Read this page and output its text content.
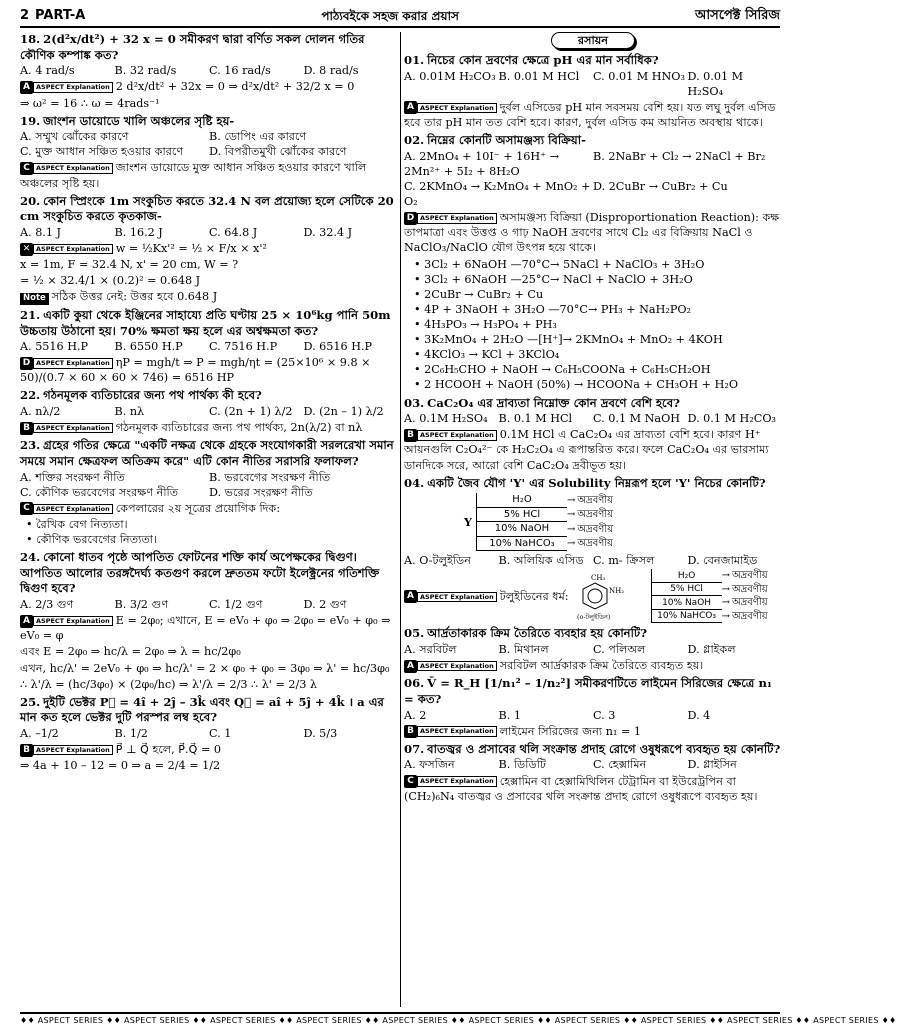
2 PART-A	পাঠ্যবইকে সহজ করার প্রয়াস	আসপেক্ট সিরিজ
18. 2(d²x/dt²) + 32 x = 0 সমীকরণ দ্বারা বর্ণিত সকল দোলন গতির কৌণিক কম্পাঙ্ক কত?
A. 4 rad/s	B. 32 rad/s	C. 16 rad/s	D. 8 rad/s
A ASPECT Explanation 2 d²x/dt² + 32x = 0 ⇒ d²x/dt² + 32/2 x = 0
⇒ ω² = 16 ∴ ω = 4rads⁻¹
19. জাংশন ডায়োডে খালি অঞ্চলের সৃষ্টি হয়-
A. সম্মুখ ঝোঁকের কারণে	B. ডোপিং এর কারণে
C. মুক্ত আধান সঞ্চিত হওয়ার কারণে	D. বিপরীতমুখী ঝোঁকের কারণে
C ASPECT Explanation জাংশন ডায়োডে মুক্ত আধান সঞ্চিত হওয়ার কারণে খালি অঞ্চলের সৃষ্টি হয়।
20. কোন স্প্রিংকে 1m সংকুচিত করতে 32.4 N বল প্রয়োজ্য হলে সেটিকে 20 cm সংকুচিত করতে কৃতকাজ-
A. 8.1 J	B. 16.2 J	C. 64.8 J	D. 32.4 J
✕ ASPECT Explanation w = ½Kx'² = ½ × F/x × x'²
x = 1m, F = 32.4 N, x' = 20 cm, W = ?
= ½ × 32.4/1 × (0.2)² = 0.648 J
Note সঠিক উত্তর নেই: উত্তর হবে 0.648 J
21. একটি কুয়া থেকে ইঞ্জিনের সাহায্যে প্রতি ঘণ্টায় 25 × 10⁶kg পানি 50m উচ্চতায় উঠানো হয়। 70% ক্ষমতা ক্ষয় হলে এর অশ্বক্ষমতা কত?
A. 5516 H.P	B. 6550 H.P	C. 7516 H.P	D. 6516 H.P
D ASPECT Explanation ηP = mgh/t ⇒ P = mgh/ηt = (25×10⁶ × 9.8 × 50)/(0.7 × 60 × 60 × 746) = 6516 HP
22. গঠনমূলক ব্যতিচারের জন্য পথ পার্থক্য কী হবে?
A. nλ/2	B. nλ	C. (2n + 1) λ/2 D. (2n – 1) λ/2
B ASPECT Explanation গঠনমূলক ব্যতিচারের জন্য পথ পার্থক্য, 2n(λ/2) বা nλ
23. গ্রহের গতির ক্ষেত্রে "একটি নক্ষত্র থেকে গ্রহকে সংযোগকারী সরলরেখা সমান সময়ে সমান ক্ষেত্রফল অতিক্রম করে" এটি কোন নীতির সরাসরি ফলাফল?
A. শক্তির সংরক্ষণ নীতি	B. ভরবেগের সংরক্ষণ নীতি
C. কৌণিক ভরবেগের সংরক্ষণ নীতি	D. ভরের সংরক্ষণ নীতি
C ASPECT Explanation কেপলারের ২য় সূত্রের প্রয়োগিক দিক:
• রৈখিক বেগ নিত্যতা।
• কৌণিক ভরবেগের নিত্যতা।
24. কোনো ধাতব পৃষ্ঠে আপতিত ফোটনের শক্তি কার্য অপেক্ষকের দ্বিগুণ। আপতিত আলোর তরঙ্গদৈর্ঘ্য কতগুণ করলে দ্রুততম ফটো ইলেক্ট্রনের গতিশক্তি দ্বিগুণ হবে?
A. 2/3 গুণ	B. 3/2 গুণ	C. 1/2 গুণ	D. 2 গুণ
A ASPECT Explanation E = 2φ₀; এখানে, E = eV₀ + φ₀ ⇒ 2φ₀ = eV₀ + φ₀ ⇒ eV₀ = φ
এবং E = 2φ₀ ⇒ hc/λ = 2φ₀ ⇒ λ = hc/2φ₀
এখন, hc/λ' = 2eV₀ + φ₀ ⇒ hc/λ' = 2 × φ₀ + φ₀ = 3φ₀ ⇒ λ' = hc/3φ₀
∴ λ'/λ = (hc/3φ₀) × (2φ₀/hc) ⇒ λ'/λ = 2/3 ∴ λ' = 2/3 λ
25. দুইটি ভেক্টর P⃗ = 4î + 2ĵ – 3k̂ এবং Q⃗ = aî + 5ĵ + 4k̂ । a এর মান কত হলে ভেক্টর দুটি পরস্পর লম্ব হবে?
A. –1/2	B. 1/2	C. 1	D. 5/3
B ASPECT Explanation P⃗ ⊥ Q⃗ হলে, P⃗.Q⃗ = 0
⇒ 4a + 10 – 12 = 0 ⇒ a = 2/4 = 1/2
রসায়ন
01. নিচের কোন দ্রবণের ক্ষেত্রে pH এর মান সর্বাধিক?
A. 0.01M H₂CO₃ B. 0.01 M HCl	C. 0.01 M HNO₃ D. 0.01 M H₂SO₄
A ASPECT Explanation দুর্বল এসিডের pH মান সবসময় বেশি হয়। যত লঘু দুর্বল এসিড হবে তার pH মান তত বেশি হবে। কারণ, দুর্বল এসিড কম আয়নিত অবস্থায় থাকে।
02. নিম্নের কোনটি অসামঞ্জস্য বিক্রিয়া-
A. 2MnO₄ + 10I⁻ + 16H⁺ → 2Mn²⁺ + 5I₂ + 8H₂O
B. 2NaBr + Cl₂ → 2NaCl + Br₂
C. 2KMnO₄ → K₂MnO₄ + MnO₂ + O₂
D. 2CuBr → CuBr₂ + Cu
D ASPECT Explanation অসামঞ্জস্য বিক্রিয়া (Disproportionation Reaction): কক্ষ তাপমাত্রা এবং উত্তপ্ত ও গাঢ় NaOH দ্রবণের সাথে Cl₂ এর বিক্রিয়ায় NaCl ও NaClO₃/NaClO যৌগ উৎপন্ন হয়ে থাকে।
• 3Cl₂ + 6NaOH —70°C→ 5NaCl + NaClO₃ + 3H₂O
• 3Cl₂ + 6NaOH —25°C→ NaCl + NaClO + 3H₂O
• 2CuBr → CuBr₂ + Cu
• 4P + 3NaOH + 3H₂O —70°C→ PH₃ + NaH₂PO₂
• 4H₃PO₃ → H₃PO₄ + PH₃
• 3K₂MnO₄ + 2H₂O —[H⁺]→ 2KMnO₄ + MnO₂ + 4KOH
• 4KClO₃ → KCl + 3KClO₄
• 2C₆H₅CHO + NaOH → C₆H₅COONa + C₆H₅CH₂OH
• 2 HCOOH + NaOH (50%) → HCOONa + CH₃OH + H₂O
03. CaC₂O₄ এর দ্রাব্যতা নিম্নোক্ত কোন দ্রবণে বেশি হবে?
A. 0.1M H₂SO₄ B. 0.1 M HCl	C. 0.1 M NaOH D. 0.1 M H₂CO₃
B ASPECT Explanation 0.1M HCl এ CaC₂O₄ এর দ্রাব্যতা বেশি হবে। কারণ H⁺ আয়নগুলি C₂O₄²⁻ কে H₂C₂O₄ এ রূপান্তরিত করে। ফলে CaC₂O₄ এর ভারসাম্য ডানদিকে সরে, আরো বেশি CaC₂O₄ দ্রবীভূত হয়।
04. একটি জৈব যৌগ 'Y' এর Solubility নিম্নরূপ হলে 'Y' নিচের কোনটি?
Y
H₂O	→ অদ্রবণীয়
5% HCl	→ অদ্রবণীয়
10% NaOH	→ অদ্রবণীয়
10% NaHCO₃	→ অদ্রবণীয়
A. O-টলুইডিন	B. অলিয়িক এসিড C. m- ক্রিসল	D. বেনজামাইড
A ASPECT Explanation টলুইডিনের ধর্ম:
CH₃
NH₂
(o-টলুইডিন)
H₂O	→ অদ্রবণীয়
5% HCl	→ অদ্রবণীয়
10% NaOH	→ অদ্রবণীয়
10% NaHCO₃ → অদ্রবণীয়
05. আর্দ্রতাকারক ক্রিম তৈরিতে ব্যবহার হয় কোনটি?
A. সরবিটল	B. মিথানল	C. পলিঅল	D. গ্লাইকল
A ASPECT Explanation সরবিটল আর্দ্রকারক ক্রিম তৈরিতে ব্যবহৃত হয়।
06. V̄ = R_H [1/n₁² – 1/n₂²] সমীকরণটিতে লাইমেন সিরিজের ক্ষেত্রে n₁ = কত?
A. 2	B. 1	C. 3	D. 4
B ASPECT Explanation লাইমেন সিরিজের জন্য n₁ = 1
07. বাতজ্বর ও প্রসাবের থলি সংক্রান্ত প্রদাহ রোগে ওষুধরূপে ব্যবহৃত হয় কোনটি?
A. ফসজিন	B. ডিডিটি	C. হেক্সামিন	D. গ্লাইসিন
C ASPECT Explanation হেক্সামিন বা হেক্সামিথিলিন টেট্রামিন বা ইউরেট্রপিন বা (CH₂)₆N₄ বাতজ্বর ও প্রসাবের থলি সংক্রান্ত প্রদাহ রোগে ওষুধরূপে ব্যবহৃত হয়।
♦♦ ASPECT SERIES ♦♦ ASPECT SERIES ♦♦ ASPECT SERIES ♦♦ ASPECT SERIES ♦♦ ASPECT SERIES ♦♦ ASPECT SERIES ♦♦ ASPECT SERIES ♦♦ ASPECT SERIES ♦♦ ASPECT SERIES ♦♦ ASPECT SERIES ♦♦
